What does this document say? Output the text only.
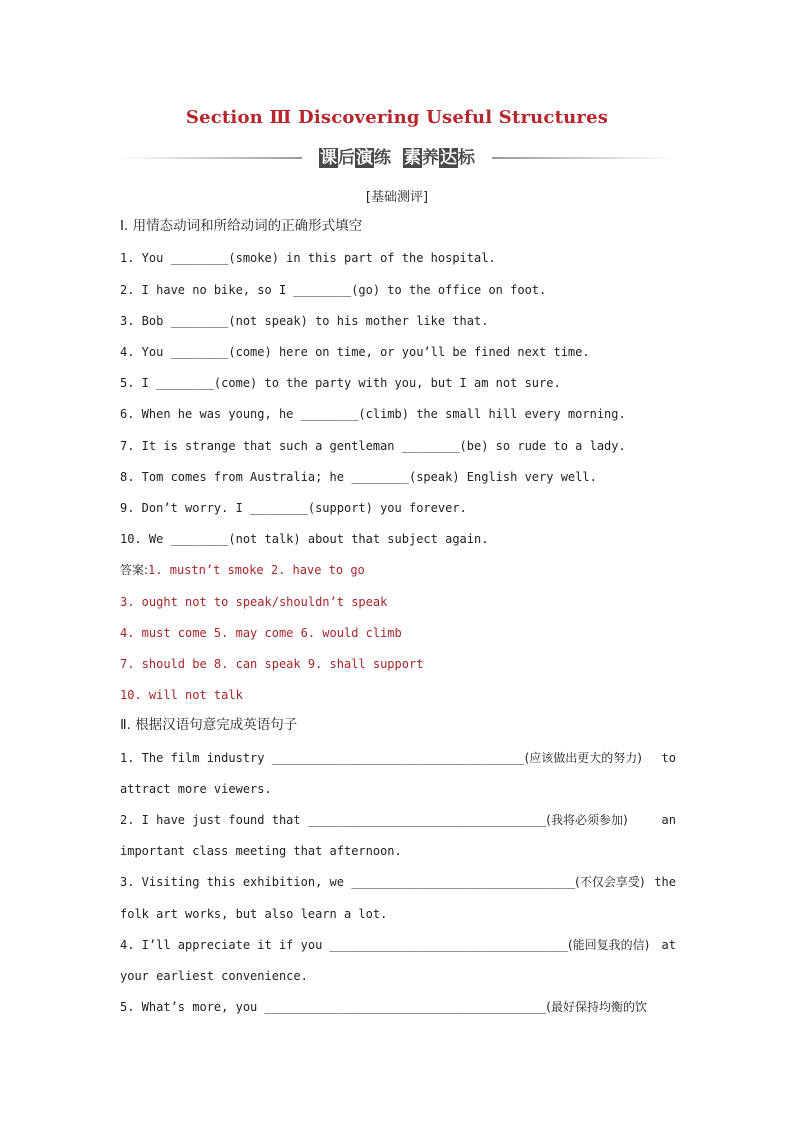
Section Ⅲ Discovering Useful Structures
课后演练 素养达标
[基础测评]
Ⅰ. 用情态动词和所给动词的正确形式填空
1. You ________(smoke) in this part of the hospital.
2. I have no bike, so I ________(go) to the office on foot.
3. Bob ________(not speak) to his mother like that.
4. You ________(come) here on time, or you’ll be fined next time.
5. I ________(come) to the party with you, but I am not sure.
6. When he was young, he ________(climb) the small hill every morning.
7. It is strange that such a gentleman ________(be) so rude to a lady.
8. Tom comes from Australia; he ________(speak) English very well.
9. Don’t worry. I ________(support) you forever.
10. We ________(not talk) about that subject again.
答案:1. mustn’t smoke 2. have to go
3. ought not to speak/shouldn’t speak
4. must come 5. may come 6. would climb
7. should be 8. can speak 9. shall support
10. will not talk
Ⅱ. 根据汉语句意完成英语句子
1. The film industry ___________________________________(应该做出更大的努力) to
attract more viewers.
2. I have just found that _________________________________(我将必须参加)	an
important class meeting that afternoon.
3. Visiting this exhibition, we _______________________________(不仅会享受) the
folk art works, but also learn a lot.
4. I’ll appreciate it if you _________________________________(能回复我的信) at
your earliest convenience.
5. What’s more, you _______________________________________(最好保持均衡的饮
